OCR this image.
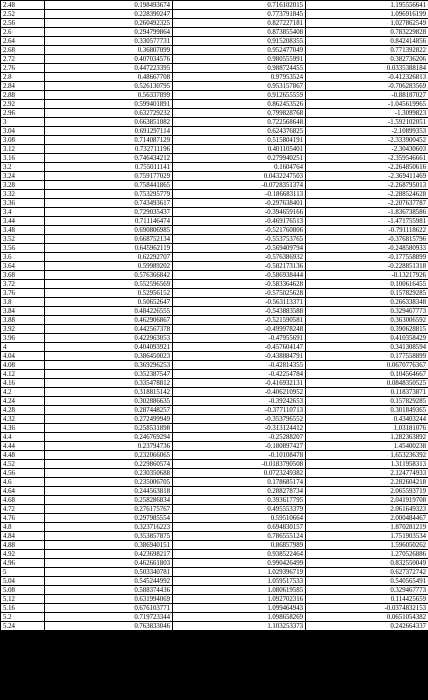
2.48	0.198493674	0.716102015	1.195556641
2.52	0.228390247	0.773791845	1.096916199
2.56	0.260492325	0.827227181	1.027862549
2.6	0.294799864	0.873855408	0.783229828
2.64	0.330577731	0.915208355	0.842414856
2.68	0.36807099	0.952477049	0.771392822
2.72	0.407034576	0.980555991	0.382736206
2.76	0.447223395	0.988724455	0.0335388184
2.8	0.48667708	0.97953524	-0.412326813
2.84	0.526130795	0.953157867	-0.706283569
2.88	0.56337899	0.912655559	-0.88187027
2.92	0.599401891	0.862453526	-1.045619965
2.96	0.632729232	0.799828768	-1.3099823
3	0.663851082	0.722568648	-1.592102051
3.04	0.691297114	0.624376825	-2.10899353
3.08	0.714087129	0.515804191	-2.333900452
3.12	0.732711196	0.401105401	-2.30430603
3.16	0.746434212	0.279940251	-2.359546661
3.2	0.755011141	0.1604764	-2.264850616
3.24	0.759177029	0.0432247503	-2.369411469
3.28	0.758441865	-0.0728351374	-2.268795013
3.32	0.753295779	-0.186683113	-2.288524628
3.36	0.743493617	-0.297638401	-2.207637787
3.4	0.729035437	-0.394659166	-1.836738586
3.44	0.711146474	-0.469176513	-1.471755981
3.48	0.690806985	-0.521760806	-0.791118622
3.52	0.668752134	-0.553753765	-0.376815796
3.56	0.645962119	-0.569409794	-0.248580933
3.6	0.62292707	-0.576386932	-0.177558899
3.64	0.59989202	-0.582173136	-0.228851318
3.68	0.576366842	-0.586938444	-0.13217926
3.72	0.552596569	-0.583364628	0.100616455
3.76	0.52956152	-0.575025628	0.157829285
3.8	0.50652647	-0.563113371	0.266338348
3.84	0.484226555	-0.543883588	0.329467773
3.88	0.462906867	-0.521590581	0.363006592
3.92	0.442567378	-0.499978248	0.390628815
3.96	0.422963053	-0.47955691	0.410358429
4	0.404093921	-0.457604147	0.341308594
4.04	0.386450023	-0.438884791	0.177558899
4.08	0.369296253	-0.42814355	0.0670776367
4.12	0.352387547	-0.42254784	0.104564667
4.16	0.335478812	-0.416932131	0.0848350525
4.2	0.318815142	-0.406210952	0.118373871
4.24	0.302886635	-0.39242653	0.157829285
4.28	0.287448257	-0.377110713	0.301849365
4.32	0.272499949	-0.353796552	0.43403244
4.36	0.258531898	-0.313124412	1.03181076
4.4	0.246769294	-0.25288207	1.282363892
4.44	0.23794736	-0.180897427	1.45400238
4.48	0.232066065	-0.10108478	1.653236392
4.52	0.229860574	-0.0183790508	1.311958313
4.56	0.230350688	0.0723249382	2.124774933
4.6	0.235006705	0.178685174	2.282604218
4.64	0.244563818	0.288278734	2.065593719
4.68	0.258286834	0.393617795	2.041919708
4.72	0.276175767	0.495553379	2.061649323
4.76	0.297985554	0.59510664	2.000484467
4.8	0.323716223	0.694830157	1.870281219
4.84	0.353857875	0.786555124	1.751903534
4.88	0.386940151	0.86857989	1.596050262
4.92	0.423698217	0.938522464	1.270526886
4.96	0.462661803	0.990426499	0.832550049
5	0.503340781	1.029396719	0.627372742
5.04	0.545244992	1.059517533	0.540565491
5.08	0.588374436	1.080619585	0.329467773
5.12	0.631994069	1.092702316	0.114425659
5.16	0.676103771	1.099464943	-0.0374832153
5.2	0.719723344	1.098658269	0.0651054382
5.24	0.763833046	1.103253373	0.242664337
